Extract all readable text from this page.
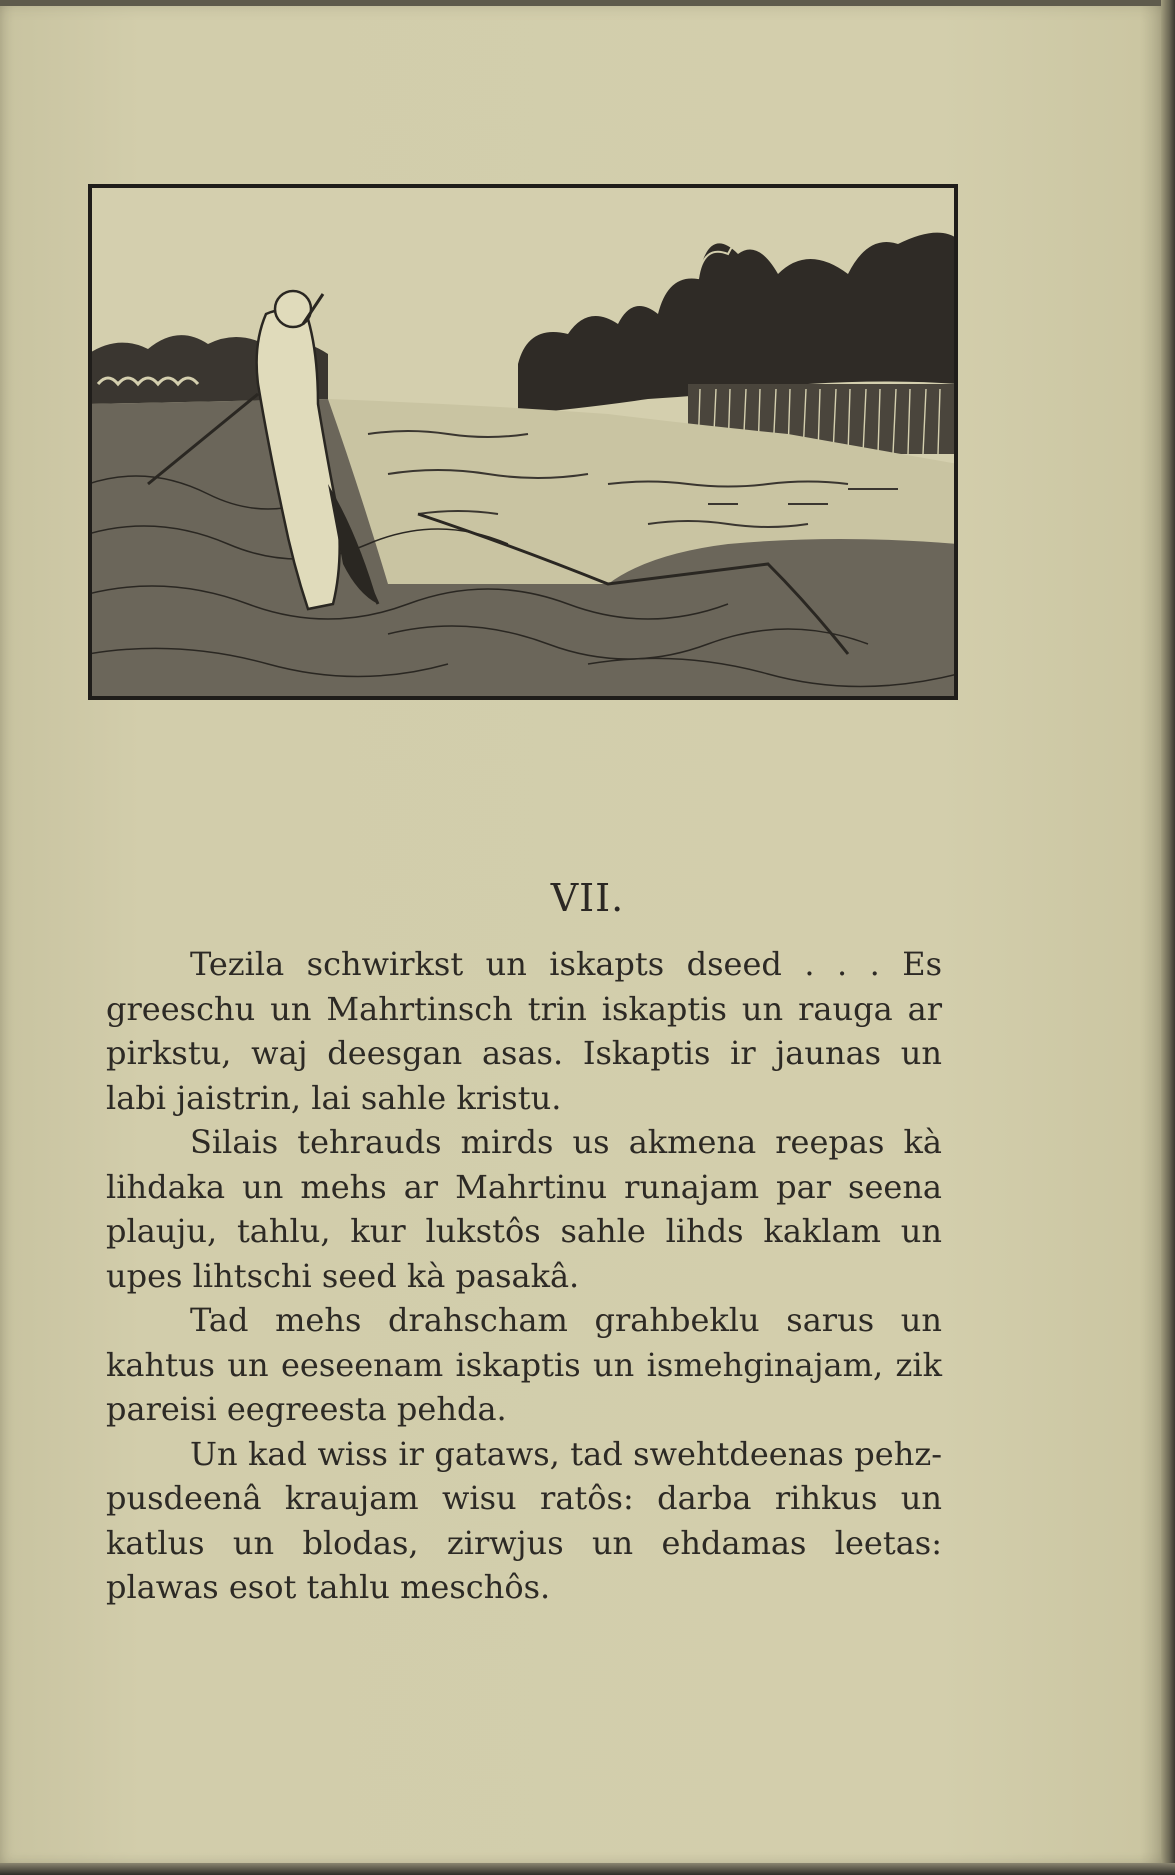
VII.

Tezila schwirkst un iskapts dseed . . . Es greeschu un Mahrtinsch trin iskaptis un rauga ar pirkstu, waj deesgan asas. Iskaptis ir jaunas un labi jaistrin, lai sahle kristu.

Silais tehrauds mirds us akmena reepas kà lihdaka un mehs ar Mahrtinu runajam par seena plauju, tahlu, kur lukstôs sahle lihds kaklam un upes lihtschi seed kà pasakâ.

Tad mehs drahscham grahbeklu sarus un kahtus un eeseenam iskaptis un ismehginajam, zik pareisi eegreesta pehda.

Un kad wiss ir gataws, tad swehtdeenas pehz-pusdeenâ kraujam wisu ratôs: darba rihkus un katlus un blodas, zirwjus un ehdamas leetas: plawas esot tahlu meschôs.
